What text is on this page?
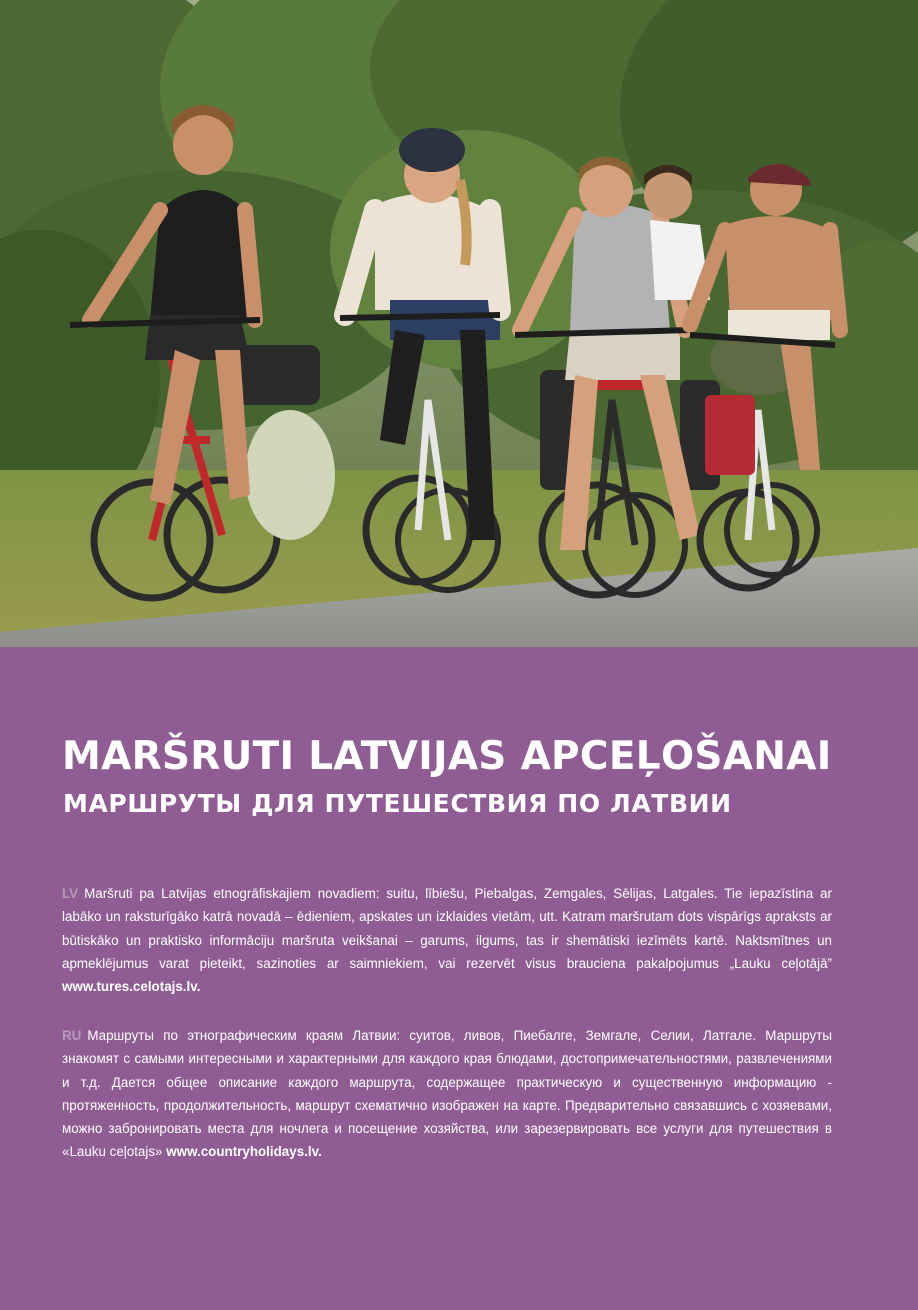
MARŠRUTI LATVIJAS APCEĻOŠANAI
МАРШРУТЫ ДЛЯ ПУТЕШЕСТВИЯ ПО ЛАТВИИ

LV Maršruti pa Latvijas etnogrāfiskajiem novadiem: suitu, lībiešu, Piebalgas, Zemgales, Sēlijas, Latgales. Tie iepazīstina ar labāko un raksturīgāko katrā novadā – ēdieniem, apskates un izklaides vietām, utt. Katram maršrutam dots vispārīgs apraksts ar būtiskāko un praktisko informāciju maršruta veikšanai – garums, ilgums, tas ir shemātiski iezīmēts kartē. Naktsmītnes un apmeklējumus varat pieteikt, sazinoties ar saimniekiem, vai rezervēt visus brauciena pakalpojumus „Lauku ceļotājā” www.tures.celotajs.lv.

RU Маршруты по этнографическим краям Латвии: суитов, ливов, Пиебалге, Земгале, Селии, Латгале. Маршруты знакомят с самыми интересными и характерными для каждого края блюдами, достопримечательностями, развлечениями и т.д. Дается общее описание каждого маршрута, содержащее практическую и существенную информацию - протяженность, продолжительность, маршрут схематично изображен на карте. Предварительно связавшись с хозяевами, можно забронировать места для ночлега и посещение хозяйства, или зарезервировать все услуги для путешествия в «Lauku ceļotajs» www.countryholidays.lv.
